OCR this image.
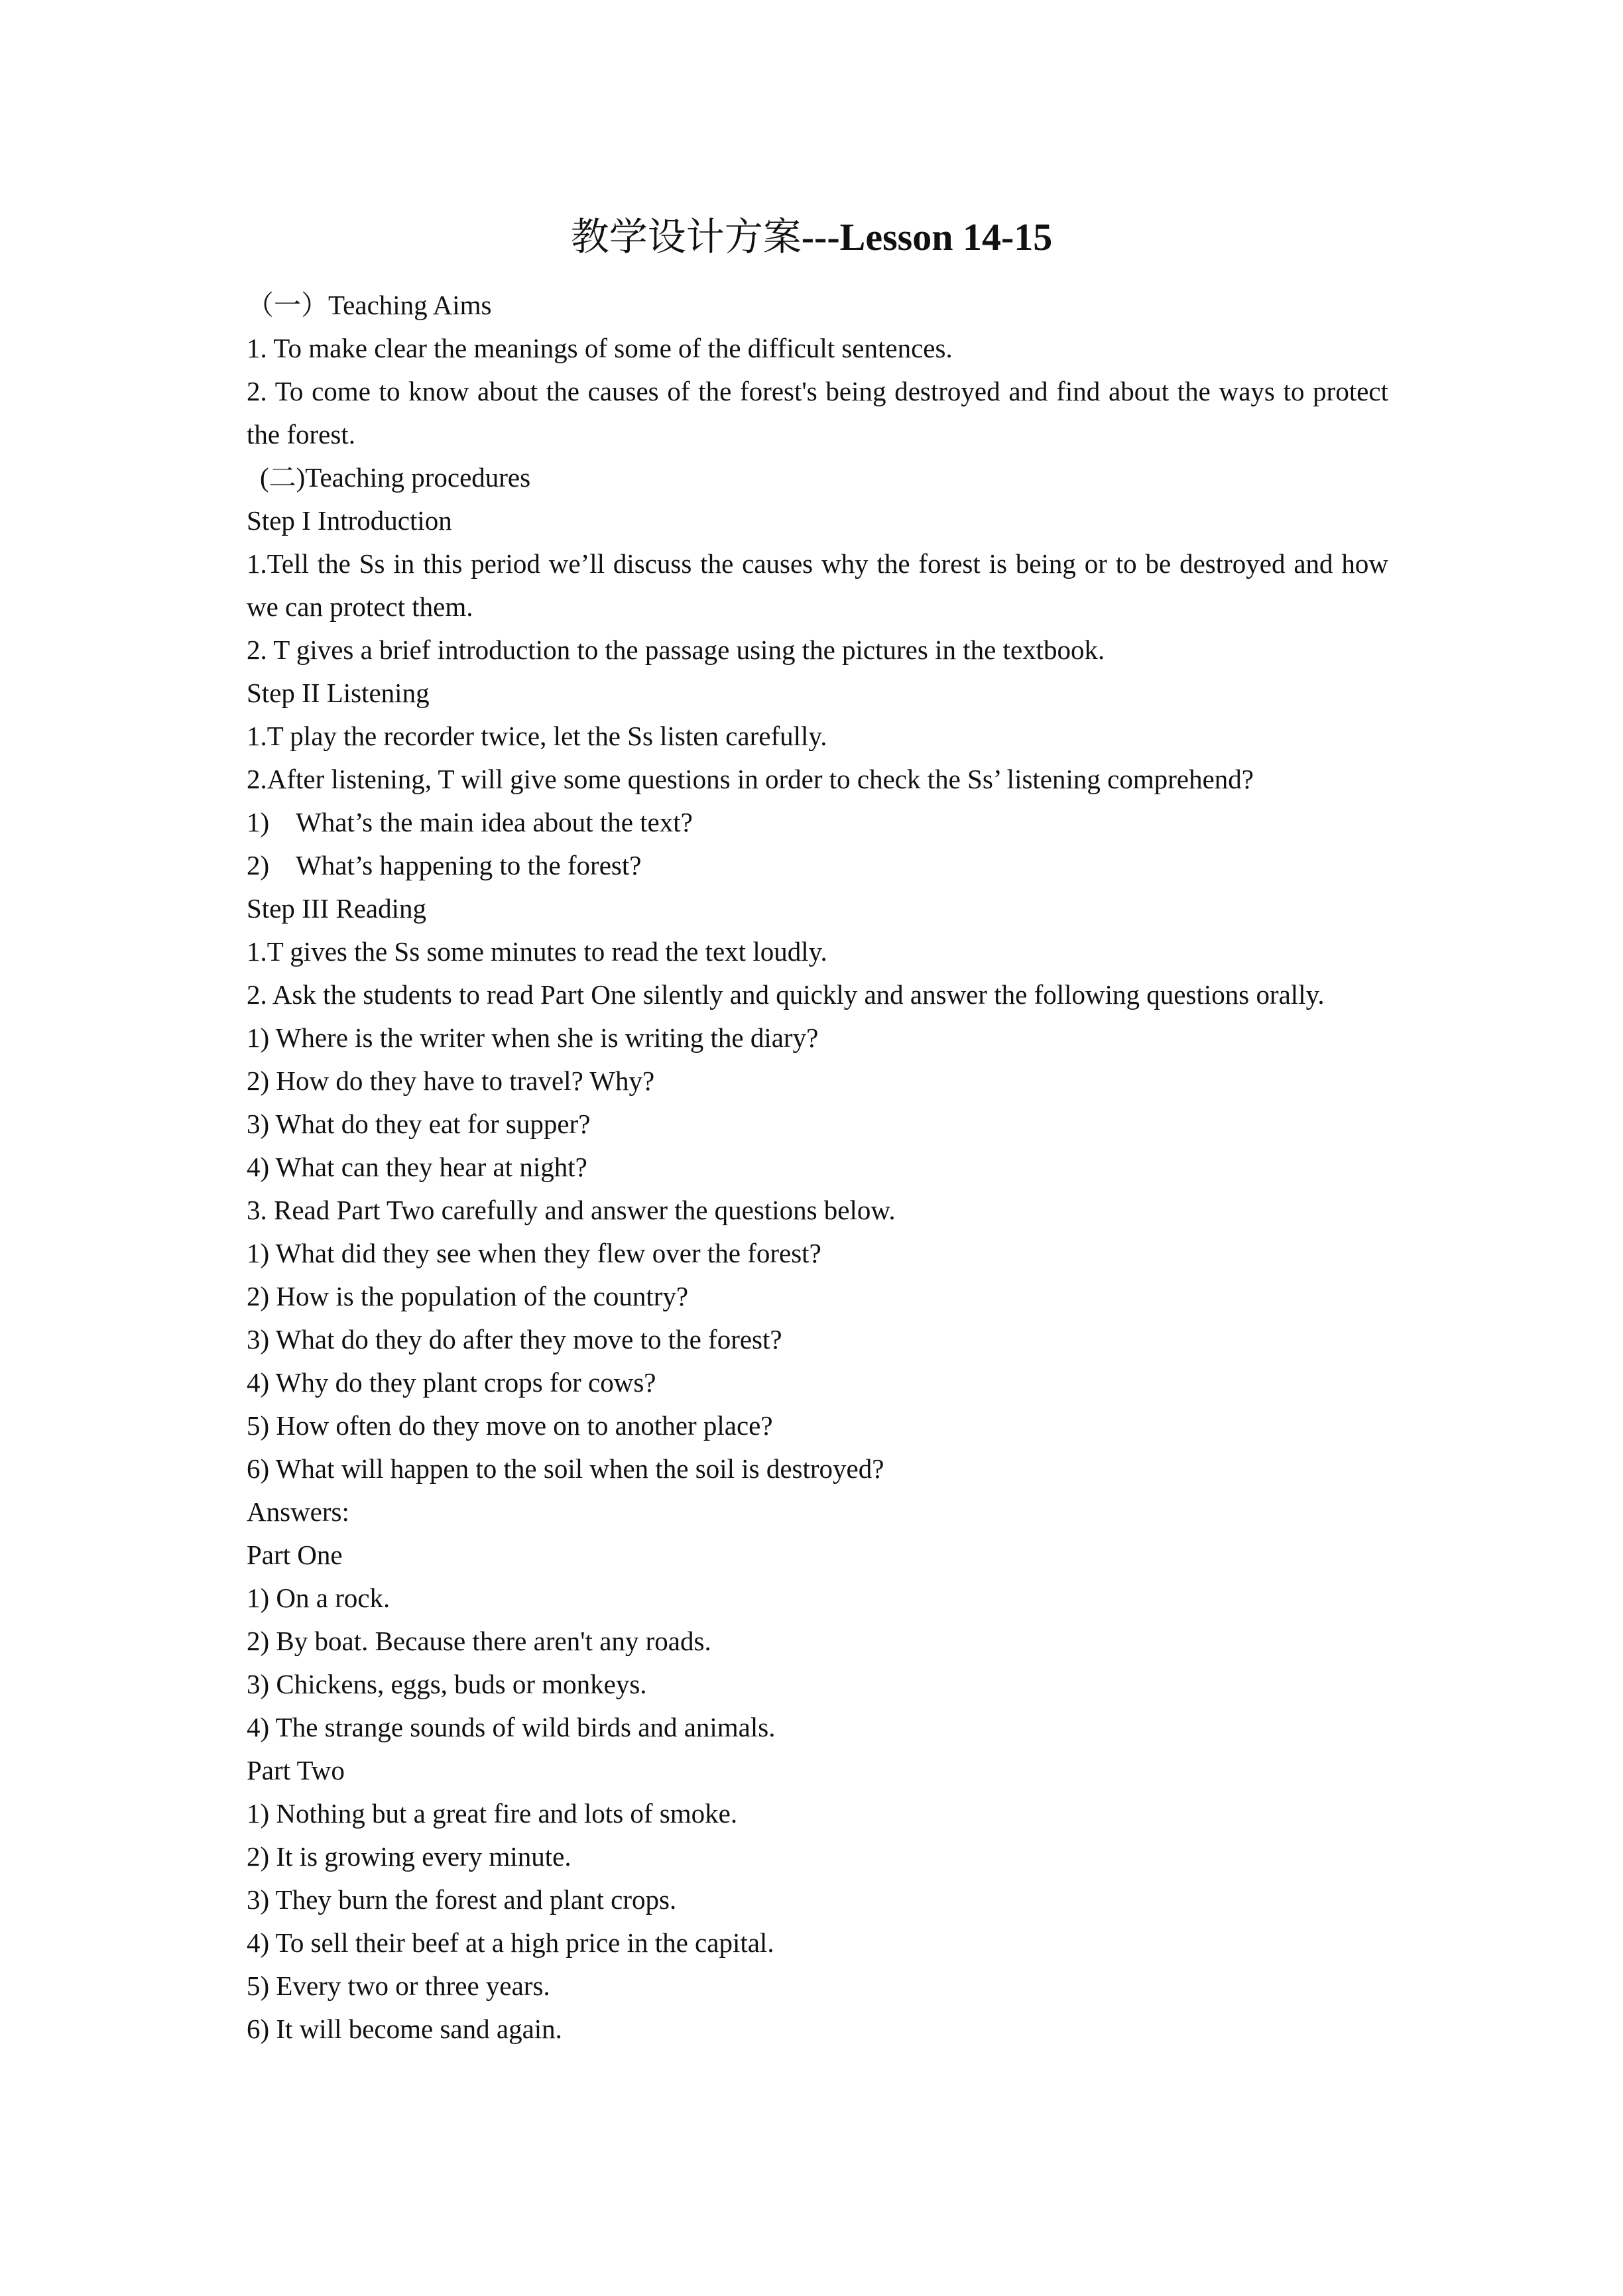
教学设计方案---Lesson 14-15

（一）Teaching Aims

1. To make clear the meanings of some of the difficult sentences.

2. To come to know about the causes of the forest's being destroyed and find about the ways to protect the forest.

(二)Teaching procedures

Step I Introduction

1.Tell the Ss in this period we’ll discuss the causes why the forest is being or to be destroyed and how we can protect them.

2. T gives a brief introduction to the passage using the pictures in the textbook.

Step II Listening

1.T play the recorder twice, let the Ss listen carefully.

2.After listening, T will give some questions in order to check the Ss’ listening comprehend?

1) What’s the main idea about the text?

2) What’s happening to the forest?

Step III Reading

1.T gives the Ss some minutes to read the text loudly.

2. Ask the students to read Part One silently and quickly and answer the following questions orally.

1) Where is the writer when she is writing the diary?

2) How do they have to travel? Why?

3) What do they eat for supper?

4) What can they hear at night?

3. Read Part Two carefully and answer the questions below.

1) What did they see when they flew over the forest?

2) How is the population of the country?

3) What do they do after they move to the forest?

4) Why do they plant crops for cows?

5) How often do they move on to another place?

6) What will happen to the soil when the soil is destroyed?

Answers:

Part One

1) On a rock.

2) By boat. Because there aren't any roads.

3) Chickens, eggs, buds or monkeys.

4) The strange sounds of wild birds and animals.

Part Two

1) Nothing but a great fire and lots of smoke.

2) It is growing every minute.

3) They burn the forest and plant crops.

4) To sell their beef at a high price in the capital.

5) Every two or three years.

6) It will become sand again.
